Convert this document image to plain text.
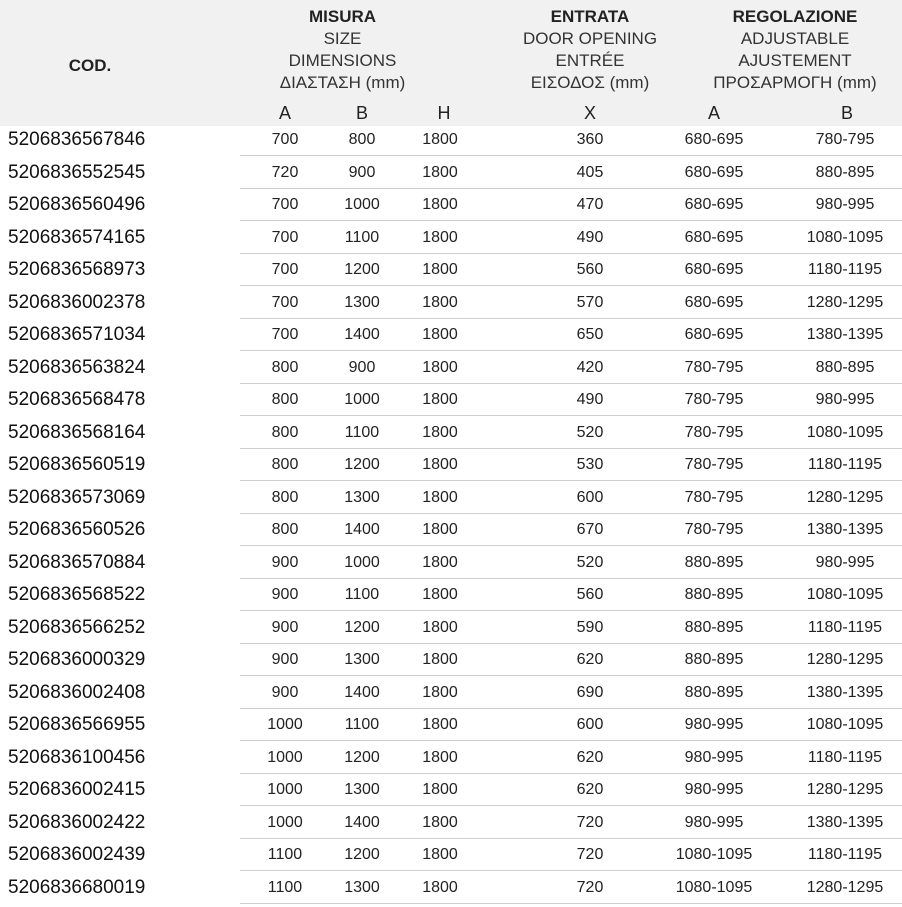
COD.
MISURA
SIZE
DIMENSIONS
ΔΙΑΣΤΑΣΗ (mm)
ENTRATA
DOOR OPENING
ENTRÉE
ΕΙΣΟΔΟΣ (mm)
REGOLAZIONE
ADJUSTABLE
AJUSTEMENT
ΠΡΟΣΑΡΜΟΓΗ (mm)
A	B	H	X	A	B
5206836567846	700	800	1800	360	680-695	780-795
5206836552545	720	900	1800	405	680-695	880-895
5206836560496	700	1000	1800	470	680-695	980-995
5206836574165	700	1100	1800	490	680-695	1080-1095
5206836568973	700	1200	1800	560	680-695	1180-1195
5206836002378	700	1300	1800	570	680-695	1280-1295
5206836571034	700	1400	1800	650	680-695	1380-1395
5206836563824	800	900	1800	420	780-795	880-895
5206836568478	800	1000	1800	490	780-795	980-995
5206836568164	800	1100	1800	520	780-795	1080-1095
5206836560519	800	1200	1800	530	780-795	1180-1195
5206836573069	800	1300	1800	600	780-795	1280-1295
5206836560526	800	1400	1800	670	780-795	1380-1395
5206836570884	900	1000	1800	520	880-895	980-995
5206836568522	900	1100	1800	560	880-895	1080-1095
5206836566252	900	1200	1800	590	880-895	1180-1195
5206836000329	900	1300	1800	620	880-895	1280-1295
5206836002408	900	1400	1800	690	880-895	1380-1395
5206836566955	1000	1100	1800	600	980-995	1080-1095
5206836100456	1000	1200	1800	620	980-995	1180-1195
5206836002415	1000	1300	1800	620	980-995	1280-1295
5206836002422	1000	1400	1800	720	980-995	1380-1395
5206836002439	1100	1200	1800	720	1080-1095	1180-1195
5206836680019	1100	1300	1800	720	1080-1095	1280-1295
